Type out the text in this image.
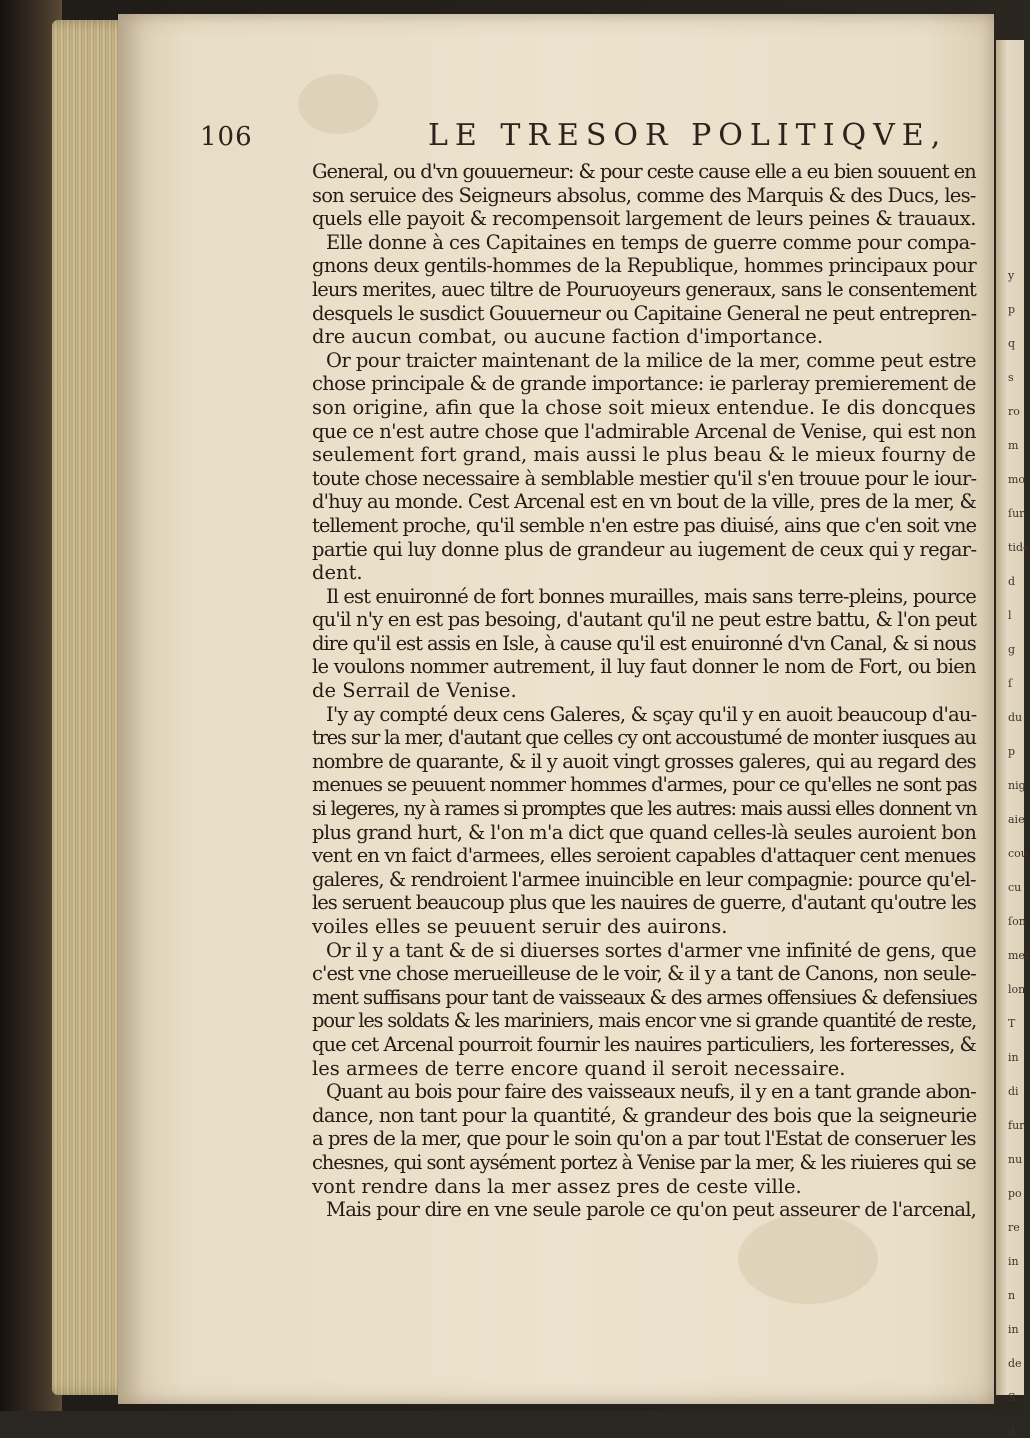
y
p
q
s
ro
m
mo
ſur
tide
d
l
g
ſ
du
p
nig
aie
cou
cu
ſon
mer
lon
T
in
di
fur
nu
po
re
in
n
in
de
S
d
106	LE TRESOR POLITIQVE,
General, ou d'vn gouuerneur: & pour ceste cause elle a eu bien souuent en
son seruice des Seigneurs absolus, comme des Marquis & des Ducs, les-
quels elle payoit & recompensoit largement de leurs peines & trauaux.
Elle donne à ces Capitaines en temps de guerre comme pour compa-
gnons deux gentils-hommes de la Republique, hommes principaux pour
leurs merites, auec tiltre de Pouruoyeurs generaux, sans le consentement
desquels le susdict Gouuerneur ou Capitaine General ne peut entrepren-
dre aucun combat, ou aucune faction d'importance.
Or pour traicter maintenant de la milice de la mer, comme peut estre
chose principale & de grande importance: ie parleray premierement de
son origine, afin que la chose soit mieux entendue. Ie dis doncques
que ce n'est autre chose que l'admirable Arcenal de Venise, qui est non
seulement fort grand, mais aussi le plus beau & le mieux fourny de
toute chose necessaire à semblable mestier qu'il s'en trouue pour le iour-
d'huy au monde. Cest Arcenal est en vn bout de la ville, pres de la mer, &
tellement proche, qu'il semble n'en estre pas diuisé, ains que c'en soit vne
partie qui luy donne plus de grandeur au iugement de ceux qui y regar-
dent.
Il est enuironné de fort bonnes murailles, mais sans terre-pleins, pource
qu'il n'y en est pas besoing, d'autant qu'il ne peut estre battu, & l'on peut
dire qu'il est assis en Isle, à cause qu'il est enuironné d'vn Canal, & si nous
le voulons nommer autrement, il luy faut donner le nom de Fort, ou bien
de Serrail de Venise.
I'y ay compté deux cens Galeres, & sçay qu'il y en auoit beaucoup d'au-
tres sur la mer, d'autant que celles cy ont accoustumé de monter iusques au
nombre de quarante, & il y auoit vingt grosses galeres, qui au regard des
menues se peuuent nommer hommes d'armes, pour ce qu'elles ne sont pas
si legeres, ny à rames si promptes que les autres: mais aussi elles donnent vn
plus grand hurt, & l'on m'a dict que quand celles-là seules auroient bon
vent en vn faict d'armees, elles seroient capables d'attaquer cent menues
galeres, & rendroient l'armee inuincible en leur compagnie: pource qu'el-
les seruent beaucoup plus que les nauires de guerre, d'autant qu'outre les
voiles elles se peuuent seruir des auirons.
Or il y a tant & de si diuerses sortes d'armer vne infinité de gens, que
c'est vne chose merueilleuse de le voir, & il y a tant de Canons, non seule-
ment suffisans pour tant de vaisseaux & des armes offensiues & defensiues
pour les soldats & les mariniers, mais encor vne si grande quantité de reste,
que cet Arcenal pourroit fournir les nauires particuliers, les forteresses, &
les armees de terre encore quand il seroit necessaire.
Quant au bois pour faire des vaisseaux neufs, il y en a tant grande abon-
dance, non tant pour la quantité, & grandeur des bois que la seigneurie
a pres de la mer, que pour le soin qu'on a par tout l'Estat de conseruer les
chesnes, qui sont aysément portez à Venise par la mer, & les riuieres qui se
vont rendre dans la mer assez pres de ceste ville.
Mais pour dire en vne seule parole ce qu'on peut asseurer de l'arcenal,
